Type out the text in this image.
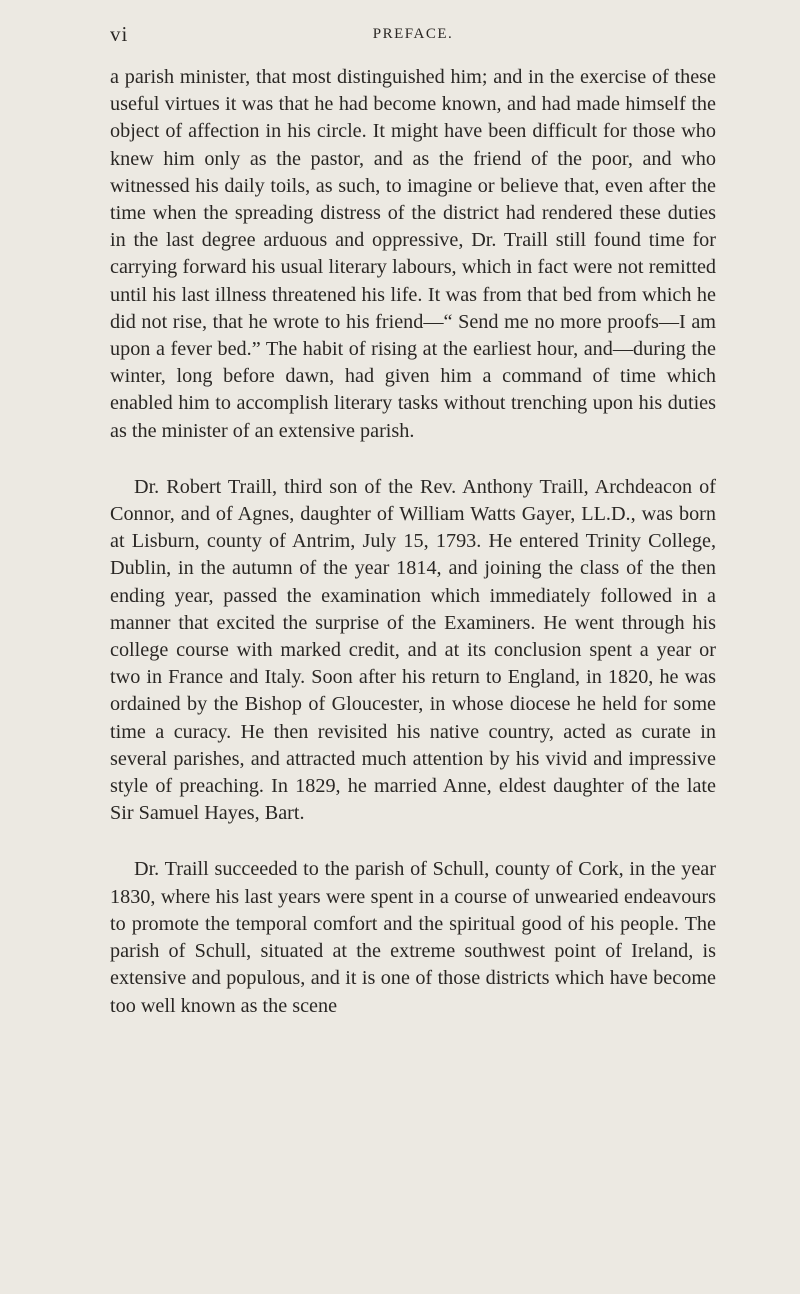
vi	PREFACE.

a parish minister, that most distinguished him; and in the exercise of these useful virtues it was that he had become known, and had made himself the object of affection in his circle. It might have been difficult for those who knew him only as the pastor, and as the friend of the poor, and who witnessed his daily toils, as such, to imagine or believe that, even after the time when the spreading distress of the district had rendered these duties in the last degree arduous and oppressive, Dr. Traill still found time for carrying forward his usual literary labours, which in fact were not remitted until his last illness threatened his life. It was from that bed from which he did not rise, that he wrote to his friend—“ Send me no more proofs—I am upon a fever bed.” The habit of rising at the earliest hour, and—during the winter, long before dawn, had given him a command of time which enabled him to accomplish literary tasks without trenching upon his duties as the minister of an extensive parish.

Dr. Robert Traill, third son of the Rev. Anthony Traill, Archdeacon of Connor, and of Agnes, daughter of William Watts Gayer, LL.D., was born at Lisburn, county of Antrim, July 15, 1793. He entered Trinity College, Dublin, in the autumn of the year 1814, and joining the class of the then ending year, passed the examination which immediately followed in a manner that excited the surprise of the Examiners. He went through his college course with marked credit, and at its conclusion spent a year or two in France and Italy. Soon after his return to England, in 1820, he was ordained by the Bishop of Gloucester, in whose diocese he held for some time a curacy. He then revisited his native country, acted as curate in several parishes, and attracted much attention by his vivid and impressive style of preaching. In 1829, he married Anne, eldest daughter of the late Sir Samuel Hayes, Bart.

Dr. Traill succeeded to the parish of Schull, county of Cork, in the year 1830, where his last years were spent in a course of unwearied endeavours to promote the temporal comfort and the spiritual good of his people. The parish of Schull, situated at the extreme southwest point of Ireland, is extensive and populous, and it is one of those districts which have become too well known as the scene
